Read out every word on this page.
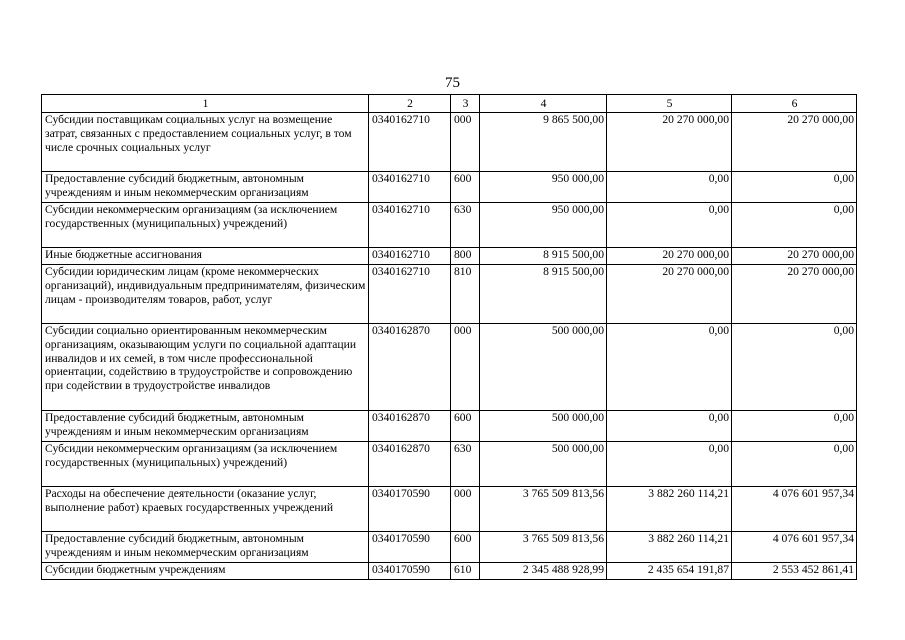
75
1	2	3	4	5	6
Субсидии поставщикам социальных услуг на возмещение затрат, связанных с предоставлением социальных услуг, в том числе срочных социальных услуг	0340162710	000	9 865 500,00	20 270 000,00	20 270 000,00
Предоставление субсидий бюджетным, автономным учреждениям и иным некоммерческим организациям	0340162710	600	950 000,00	0,00	0,00
Субсидии некоммерческим организациям (за исключением государственных (муниципальных) учреждений)	0340162710	630	950 000,00	0,00	0,00
Иные бюджетные ассигнования	0340162710	800	8 915 500,00	20 270 000,00	20 270 000,00
Субсидии юридическим лицам (кроме некоммерческих организаций), индивидуальным предпринимателям, физическим лицам - производителям товаров, работ, услуг	0340162710	810	8 915 500,00	20 270 000,00	20 270 000,00
Субсидии социально ориентированным некоммерческим организациям, оказывающим услуги по социальной адаптации инвалидов и их семей, в том числе профессиональной ориентации, содействию в трудоустройстве и сопровождению при содействии в трудоустройстве инвалидов	0340162870	000	500 000,00	0,00	0,00
Предоставление субсидий бюджетным, автономным учреждениям и иным некоммерческим организациям	0340162870	600	500 000,00	0,00	0,00
Субсидии некоммерческим организациям (за исключением государственных (муниципальных) учреждений)	0340162870	630	500 000,00	0,00	0,00
Расходы на обеспечение деятельности (оказание услуг, выполнение работ) краевых государственных учреждений	0340170590	000	3 765 509 813,56	3 882 260 114,21	4 076 601 957,34
Предоставление субсидий бюджетным, автономным учреждениям и иным некоммерческим организациям	0340170590	600	3 765 509 813,56	3 882 260 114,21	4 076 601 957,34
Субсидии бюджетным учреждениям	0340170590	610	2 345 488 928,99	2 435 654 191,87	2 553 452 861,41
